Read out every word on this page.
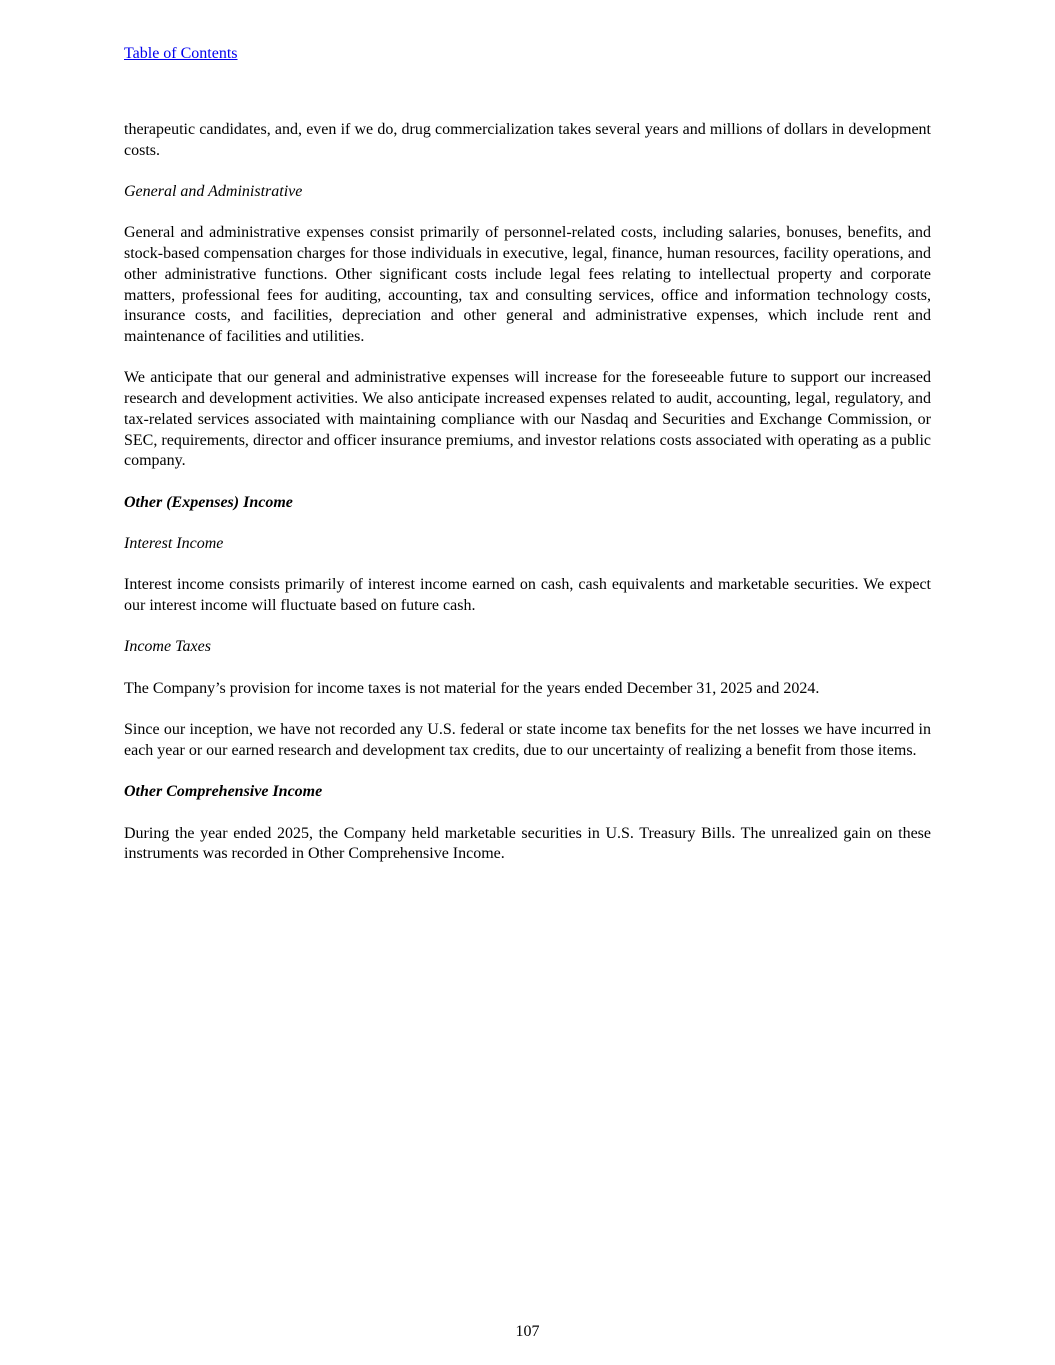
Table of Contents

therapeutic candidates, and, even if we do, drug commercialization takes several years and millions of dollars in development costs.

General and Administrative

General and administrative expenses consist primarily of personnel-related costs, including salaries, bonuses, benefits, and stock-based compensation charges for those individuals in executive, legal, finance, human resources, facility operations, and other administrative functions. Other significant costs include legal fees relating to intellectual property and corporate matters, professional fees for auditing, accounting, tax and consulting services, office and information technology costs, insurance costs, and facilities, depreciation and other general and administrative expenses, which include rent and maintenance of facilities and utilities.

We anticipate that our general and administrative expenses will increase for the foreseeable future to support our increased research and development activities. We also anticipate increased expenses related to audit, accounting, legal, regulatory, and tax-related services associated with maintaining compliance with our Nasdaq and Securities and Exchange Commission, or SEC, requirements, director and officer insurance premiums, and investor relations costs associated with operating as a public company.

Other (Expenses) Income

Interest Income

Interest income consists primarily of interest income earned on cash, cash equivalents and marketable securities. We expect our interest income will fluctuate based on future cash.

Income Taxes

The Company’s provision for income taxes is not material for the years ended December 31, 2025 and 2024.

Since our inception, we have not recorded any U.S. federal or state income tax benefits for the net losses we have incurred in each year or our earned research and development tax credits, due to our uncertainty of realizing a benefit from those items.

Other Comprehensive Income

During the year ended 2025, the Company held marketable securities in U.S. Treasury Bills. The unrealized gain on these instruments was recorded in Other Comprehensive Income.

107
